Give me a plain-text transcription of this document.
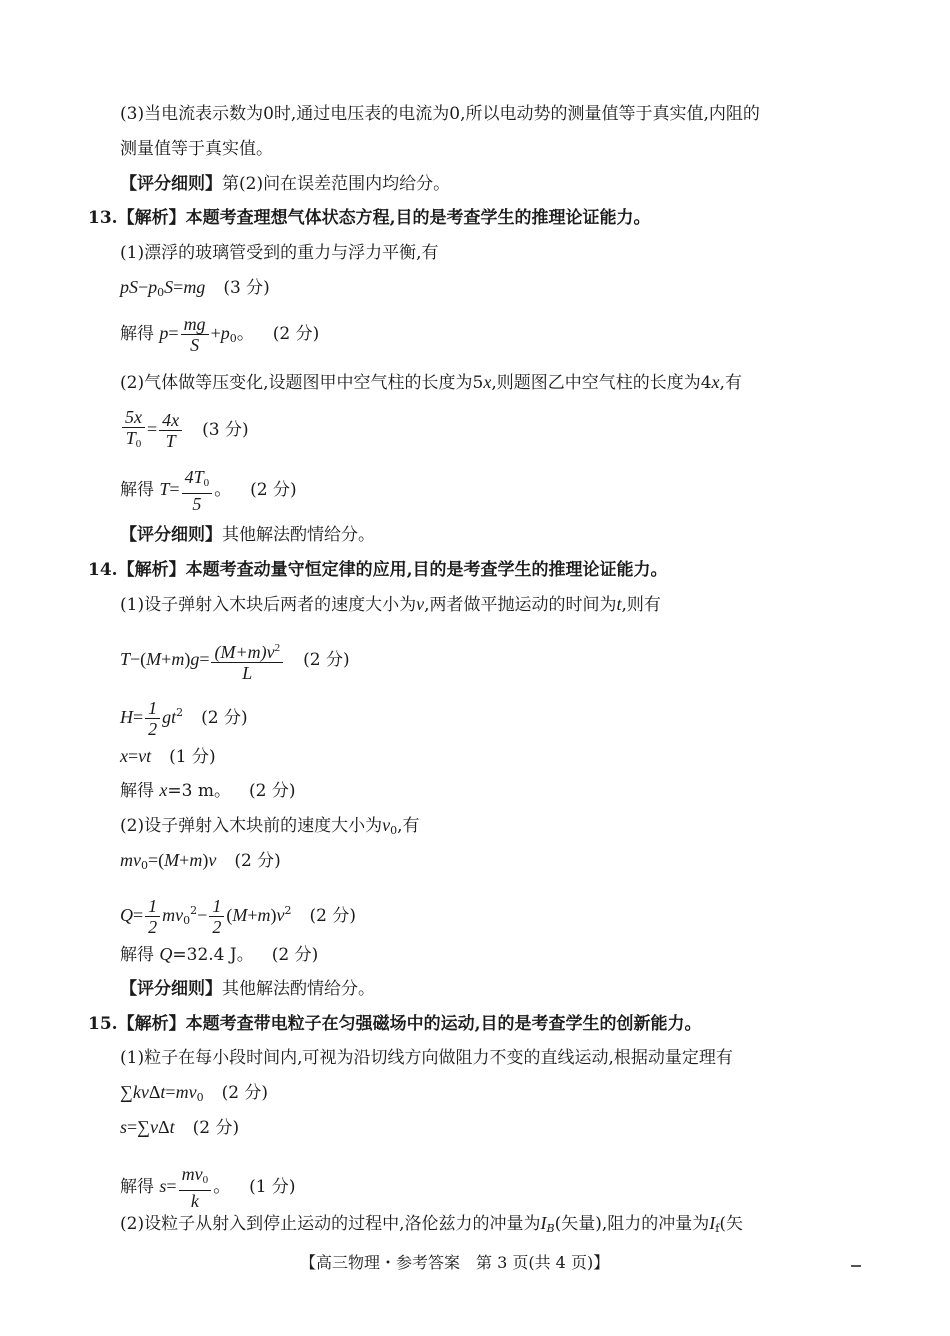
(3)当电流表示数为0时,通过电压表的电流为0,所以电动势的测量值等于真实值,内阻的
测量值等于真实值。
【评分细则】第(2)问在误差范围内均给分。
13.【解析】本题考查理想气体状态方程,目的是考查学生的推理论证能力。
(1)漂浮的玻璃管受到的重力与浮力平衡,有
pS−p0S=mg (3 分)
解得 $p= \frac{mg}{S} +p0$。 (2 分)
(2)气体做等压变化,设题图甲中空气柱的长度为5x,则题图乙中空气柱的长度为4x,有
$\frac{5x}{T0} = \frac{4x}{T} (3$ 分)
解得 $T= \frac{4T0}{5}$ 。 (2 分)
【评分细则】其他解法酌情给分。
14.【解析】本题考查动量守恒定律的应用,目的是考查学生的推理论证能力。
(1)设子弹射入木块后两者的速度大小为v,两者做平抛运动的时间为t,则有
$T-(M+m)g= \frac{(M+m)v^2}{L} (2$ 分)
$H= \frac{1}{2} gt^2$ (2 分)
x=vt (1 分)
解得 x=3 m。 (2 分)
(2)设子弹射入木块前的速度大小为v0,有
mv0=(M+m)v (2 分)
$Q= \frac{1}{2} mv0^2- \frac{1}{2} (M+m)v^2$ (2 分)
解得 Q=32.4 J。 (2 分)
【评分细则】其他解法酌情给分。
15.【解析】本题考查带电粒子在匀强磁场中的运动,目的是考查学生的创新能力。
(1)粒子在每小段时间内,可视为沿切线方向做阻力不变的直线运动,根据动量定理有
∑kvΔt=mv0 (2 分)
s=∑vΔt (2 分)
解得 $s= \frac{mv0}{k}$ 。 (1 分)
(2)设粒子从射入到停止运动的过程中,洛伦兹力的冲量为IB(矢量),阻力的冲量为If(矢
【高三物理・参考答案　第 3 页(共 4 页)】
